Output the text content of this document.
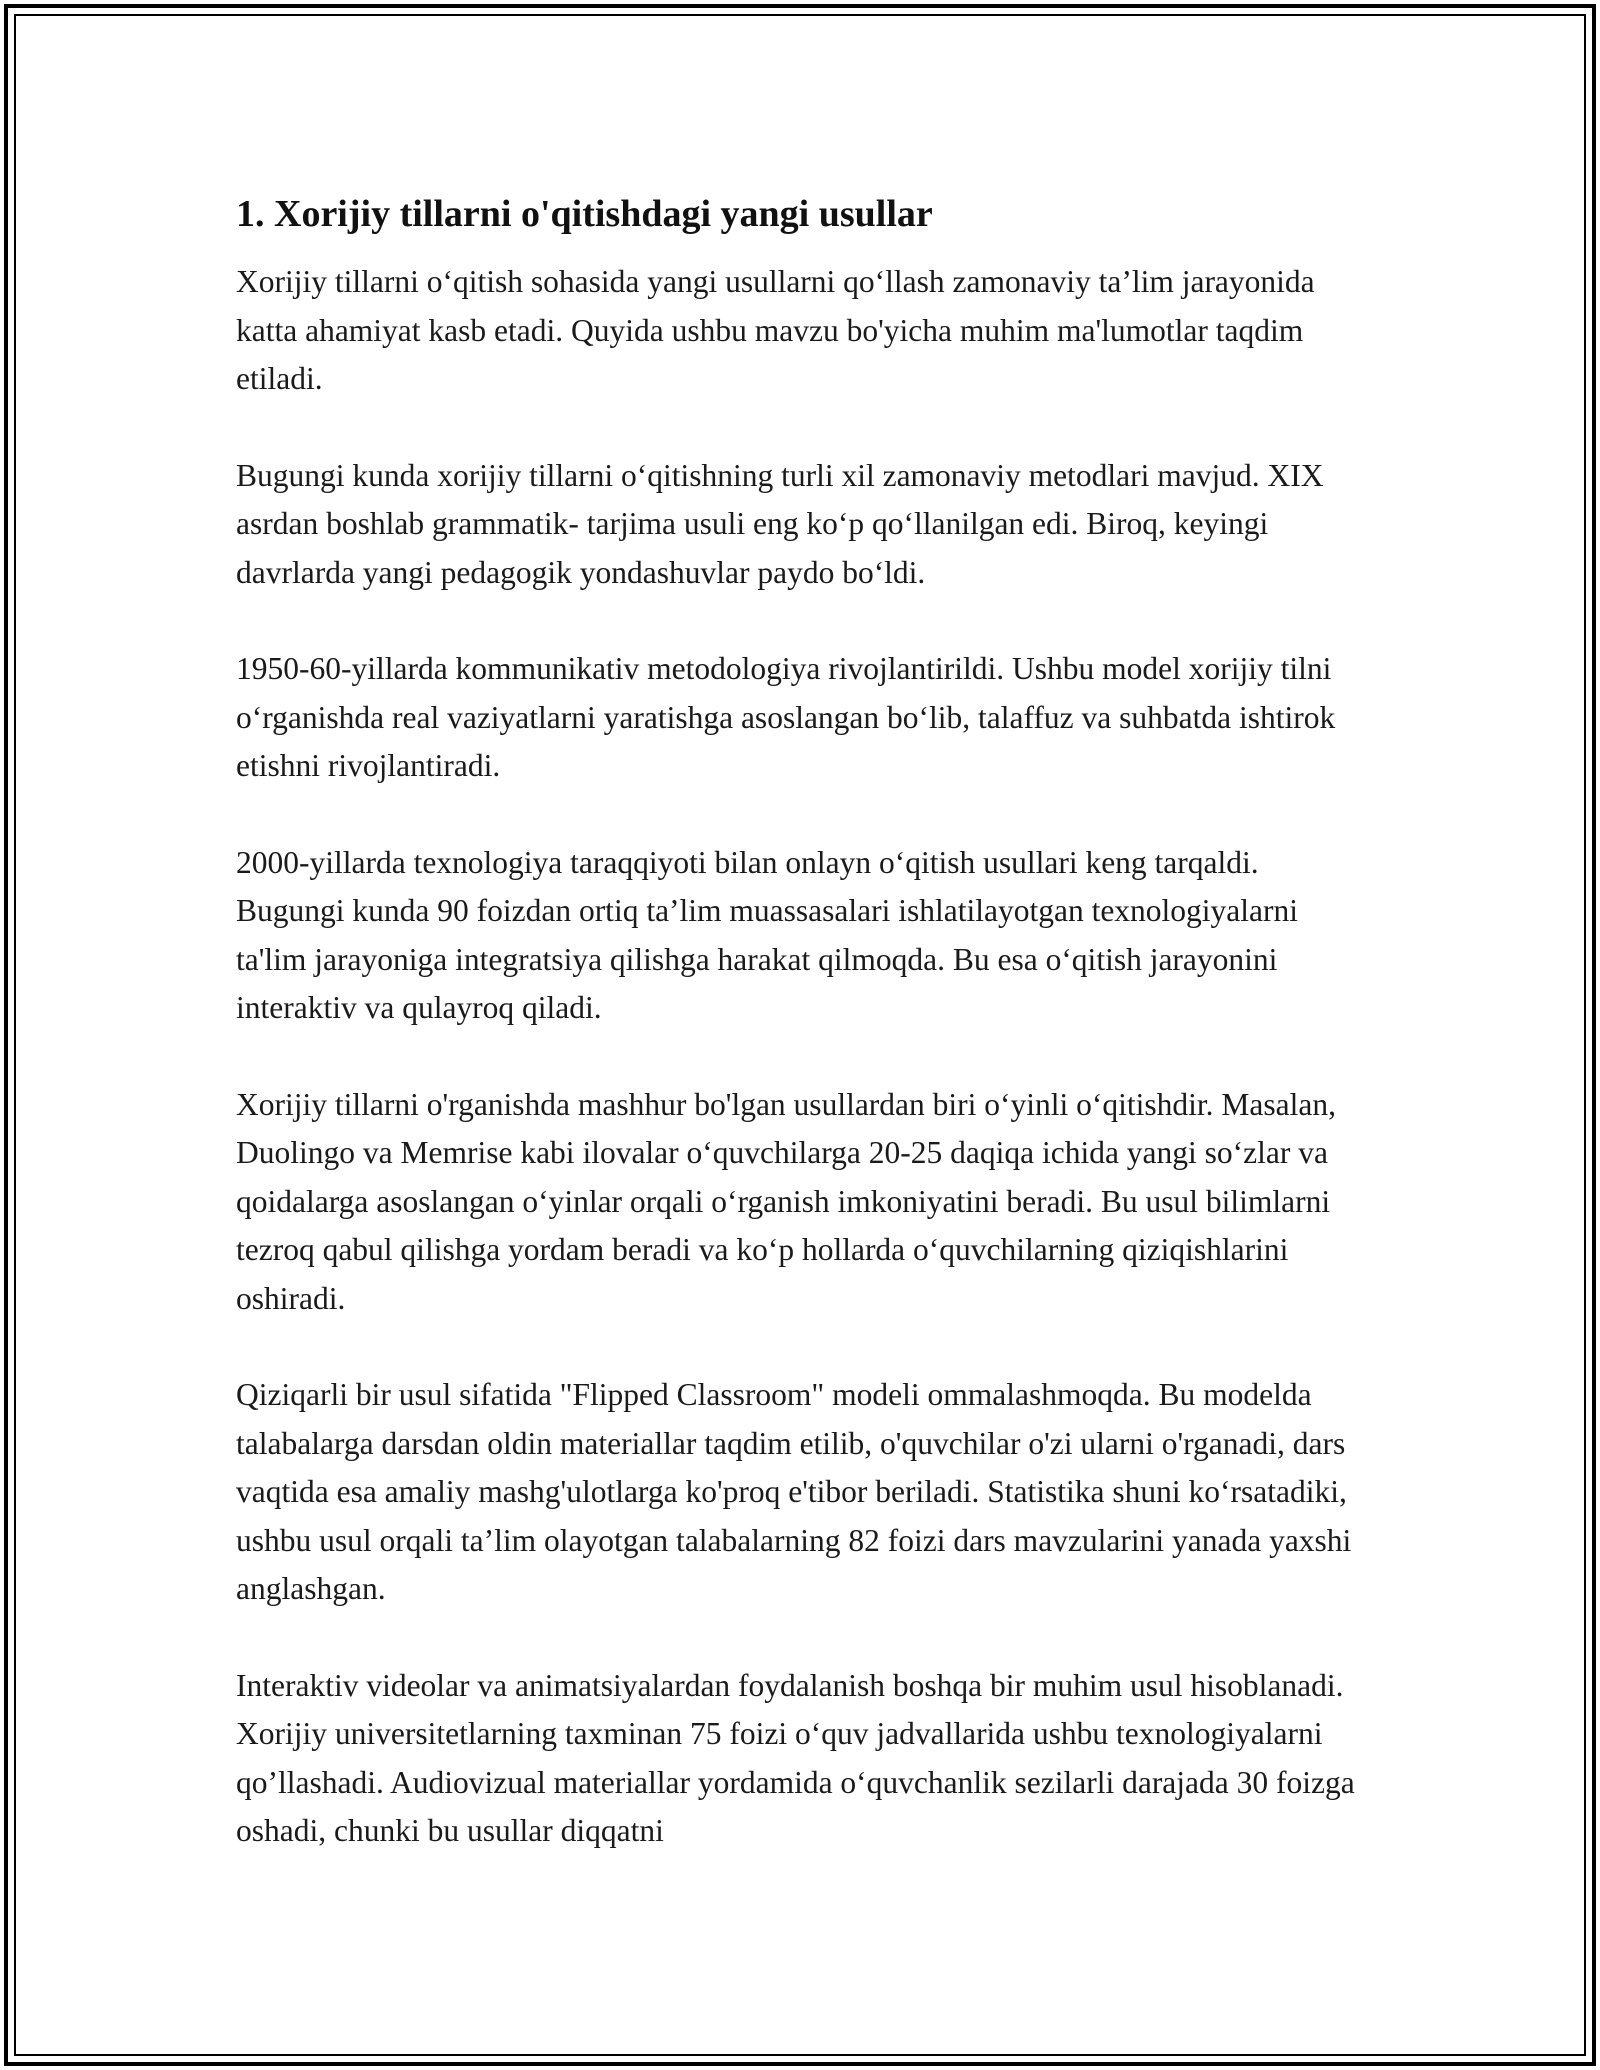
1. Xorijiy tillarni o'qitishdagi yangi usullar

Xorijiy tillarni o‘qitish sohasida yangi usullarni qo‘llash zamonaviy ta’lim jarayonida katta ahamiyat kasb etadi. Quyida ushbu mavzu bo'yicha muhim ma'lumotlar taqdim etiladi.

Bugungi kunda xorijiy tillarni o‘qitishning turli xil zamonaviy metodlari mavjud. XIX asrdan boshlab grammatik- tarjima usuli eng ko‘p qo‘llanilgan edi. Biroq, keyingi davrlarda yangi pedagogik yondashuvlar paydo bo‘ldi.

1950-60-yillarda kommunikativ metodologiya rivojlantirildi. Ushbu model xorijiy tilni o‘rganishda real vaziyatlarni yaratishga asoslangan bo‘lib, talaffuz va suhbatda ishtirok etishni rivojlantiradi.

2000-yillarda texnologiya taraqqiyoti bilan onlayn o‘qitish usullari keng tarqaldi. Bugungi kunda 90 foizdan ortiq ta’lim muassasalari ishlatilayotgan texnologiyalarni ta'lim jarayoniga integratsiya qilishga harakat qilmoqda. Bu esa o‘qitish jarayonini interaktiv va qulayroq qiladi.

Xorijiy tillarni o'rganishda mashhur bo'lgan usullardan biri o‘yinli o‘qitishdir. Masalan, Duolingo va Memrise kabi ilovalar o‘quvchilarga 20-25 daqiqa ichida yangi so‘zlar va qoidalarga asoslangan o‘yinlar orqali o‘rganish imkoniyatini beradi. Bu usul bilimlarni tezroq qabul qilishga yordam beradi va ko‘p hollarda o‘quvchilarning qiziqishlarini oshiradi.

Qiziqarli bir usul sifatida "Flipped Classroom" modeli ommalashmoqda. Bu modelda talabalarga darsdan oldin materiallar taqdim etilib, o'quvchilar o'zi ularni o'rganadi, dars vaqtida esa amaliy mashg'ulotlarga ko'proq e'tibor beriladi. Statistika shuni ko‘rsatadiki, ushbu usul orqali ta’lim olayotgan talabalarning 82 foizi dars mavzularini yanada yaxshi anglashgan.

Interaktiv videolar va animatsiyalardan foydalanish boshqa bir muhim usul hisoblanadi. Xorijiy universitetlarning taxminan 75 foizi o‘quv jadvallarida ushbu texnologiyalarni qo’llashadi. Audiovizual materiallar yordamida o‘quvchanlik sezilarli darajada 30 foizga oshadi, chunki bu usullar diqqatni
